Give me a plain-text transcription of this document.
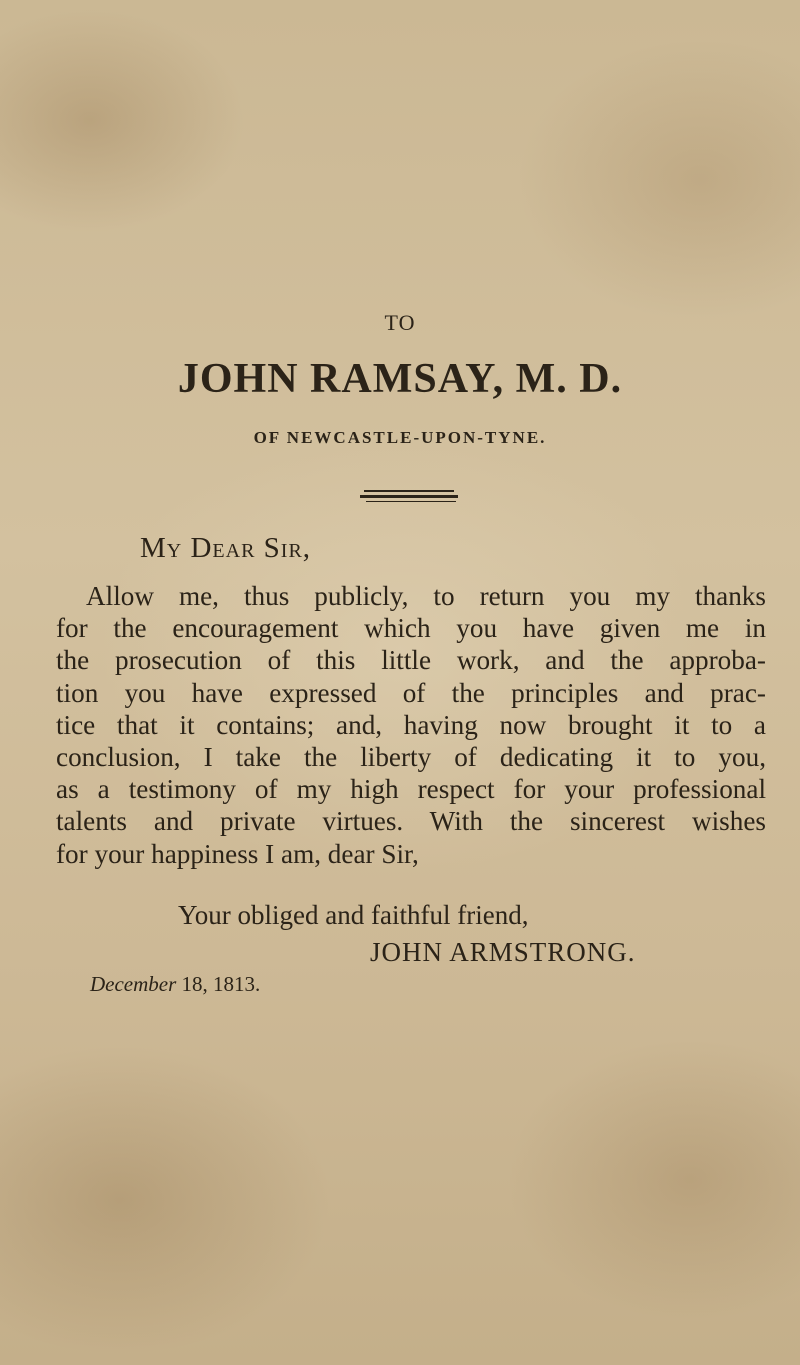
TO
JOHN RAMSAY, M. D.
OF NEWCASTLE-UPON-TYNE.
My Dear Sir,
Allow me, thus publicly, to return you my thanks
for the encouragement which you have given me in
the prosecution of this little work, and the approba-
tion you have expressed of the principles and prac-
tice that it contains; and, having now brought it to a
conclusion, I take the liberty of dedicating it to you,
as a testimony of my high respect for your professional
talents and private virtues. With the sincerest wishes
for your happiness I am, dear Sir,
Your obliged and faithful friend,
JOHN ARMSTRONG.
December 18, 1813.
